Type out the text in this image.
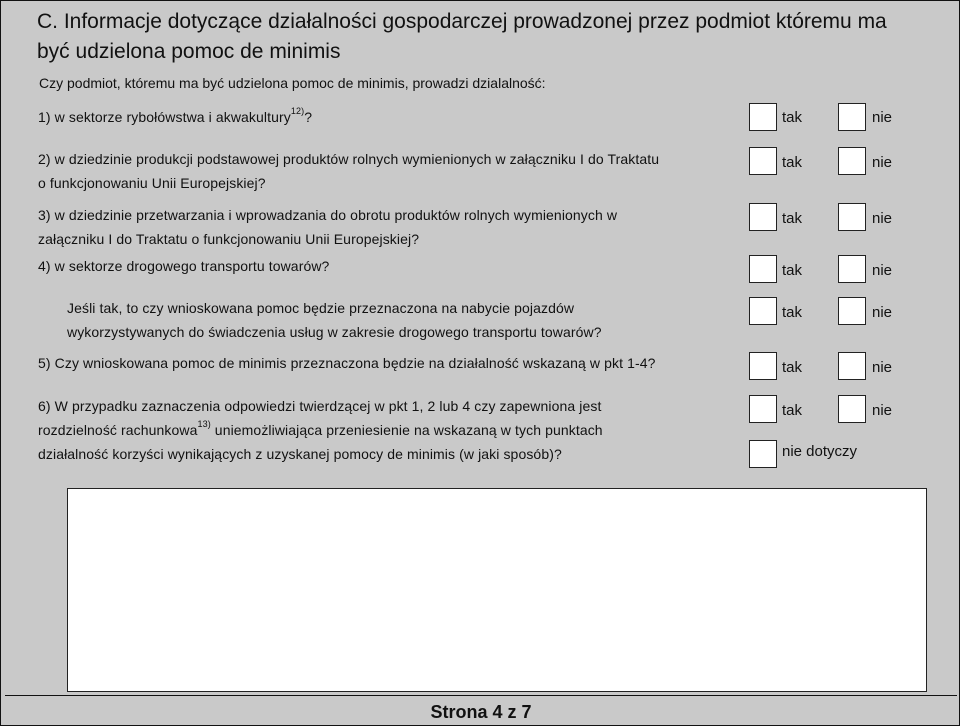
C. Informacje dotyczące działalności gospodarczej prowadzonej przez podmiot któremu ma być udzielona pomoc de minimis
Czy podmiot, któremu ma być udzielona pomoc de minimis, prowadzi dzialalność:
1) w sektorze rybołówstwa i akwakultury$^{12)}$?	tak	nie
2) w dziedzinie produkcji podstawowej produktów rolnych wymienionych w załączniku I do Traktatu
o funkcjonowaniu Unii Europejskiej?
tak	nie
3) w dziedzinie przetwarzania i wprowadzania do obrotu produktów rolnych wymienionych w
załączniku I do Traktatu o funkcjonowaniu Unii Europejskiej?
tak	nie
4) w sektorze drogowego transportu towarów?	tak	nie
Jeśli tak, to czy wnioskowana pomoc będzie przeznaczona na nabycie pojazdów
wykorzystywanych do świadczenia usług w zakresie drogowego transportu towarów?
tak	nie
5) Czy wnioskowana pomoc de minimis przeznaczona będzie na działalność wskazaną w pkt 1-4?	tak	nie
6) W przypadku zaznaczenia odpowiedzi twierdzącej w pkt 1, 2 lub 4 czy zapewniona jest
rozdzielność rachunkowa$^{13)}$ uniemożliwiająca przeniesienie na wskazaną w tych punktach
działalność korzyści wynikających z uzyskanej pomocy de minimis (w jaki sposób)?
tak	nie
nie dotyczy
Strona 4 z 7
